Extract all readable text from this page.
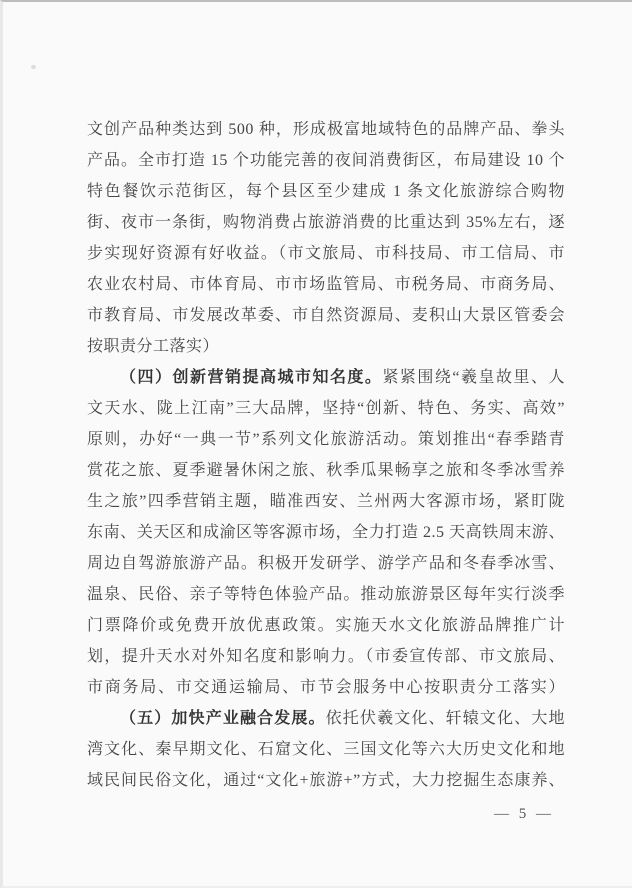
文创产品种类达到 500 种，形成极富地域特色的品牌产品、拳头
产品。全市打造 15 个功能完善的夜间消费街区，布局建设 10 个
特色餐饮示范街区，每个县区至少建成 1 条文化旅游综合购物
街、夜市一条街，购物消费占旅游消费的比重达到 35%左右，逐
步实现好资源有好收益。（市文旅局、市科技局、市工信局、市
农业农村局、市体育局、市市场监管局、市税务局、市商务局、
市教育局、市发展改革委、市自然资源局、麦积山大景区管委会
按职责分工落实）
（四）创新营销提高城市知名度。紧紧围绕“羲皇故里、人
文天水、陇上江南”三大品牌，坚持“创新、特色、务实、高效”
原则，办好“一典一节”系列文化旅游活动。策划推出“春季踏青
赏花之旅、夏季避暑休闲之旅、秋季瓜果畅享之旅和冬季冰雪养
生之旅”四季营销主题，瞄准西安、兰州两大客源市场，紧盯陇
东南、关天区和成渝区等客源市场，全力打造 2.5 天高铁周末游、
周边自驾游旅游产品。积极开发研学、游学产品和冬春季冰雪、
温泉、民俗、亲子等特色体验产品。推动旅游景区每年实行淡季
门票降价或免费开放优惠政策。实施天水文化旅游品牌推广计
划，提升天水对外知名度和影响力。（市委宣传部、市文旅局、
市商务局、市交通运输局、市节会服务中心按职责分工落实）
（五）加快产业融合发展。依托伏羲文化、轩辕文化、大地
湾文化、秦早期文化、石窟文化、三国文化等六大历史文化和地
域民间民俗文化，通过“文化+旅游+”方式，大力挖掘生态康养、
— 5 —
